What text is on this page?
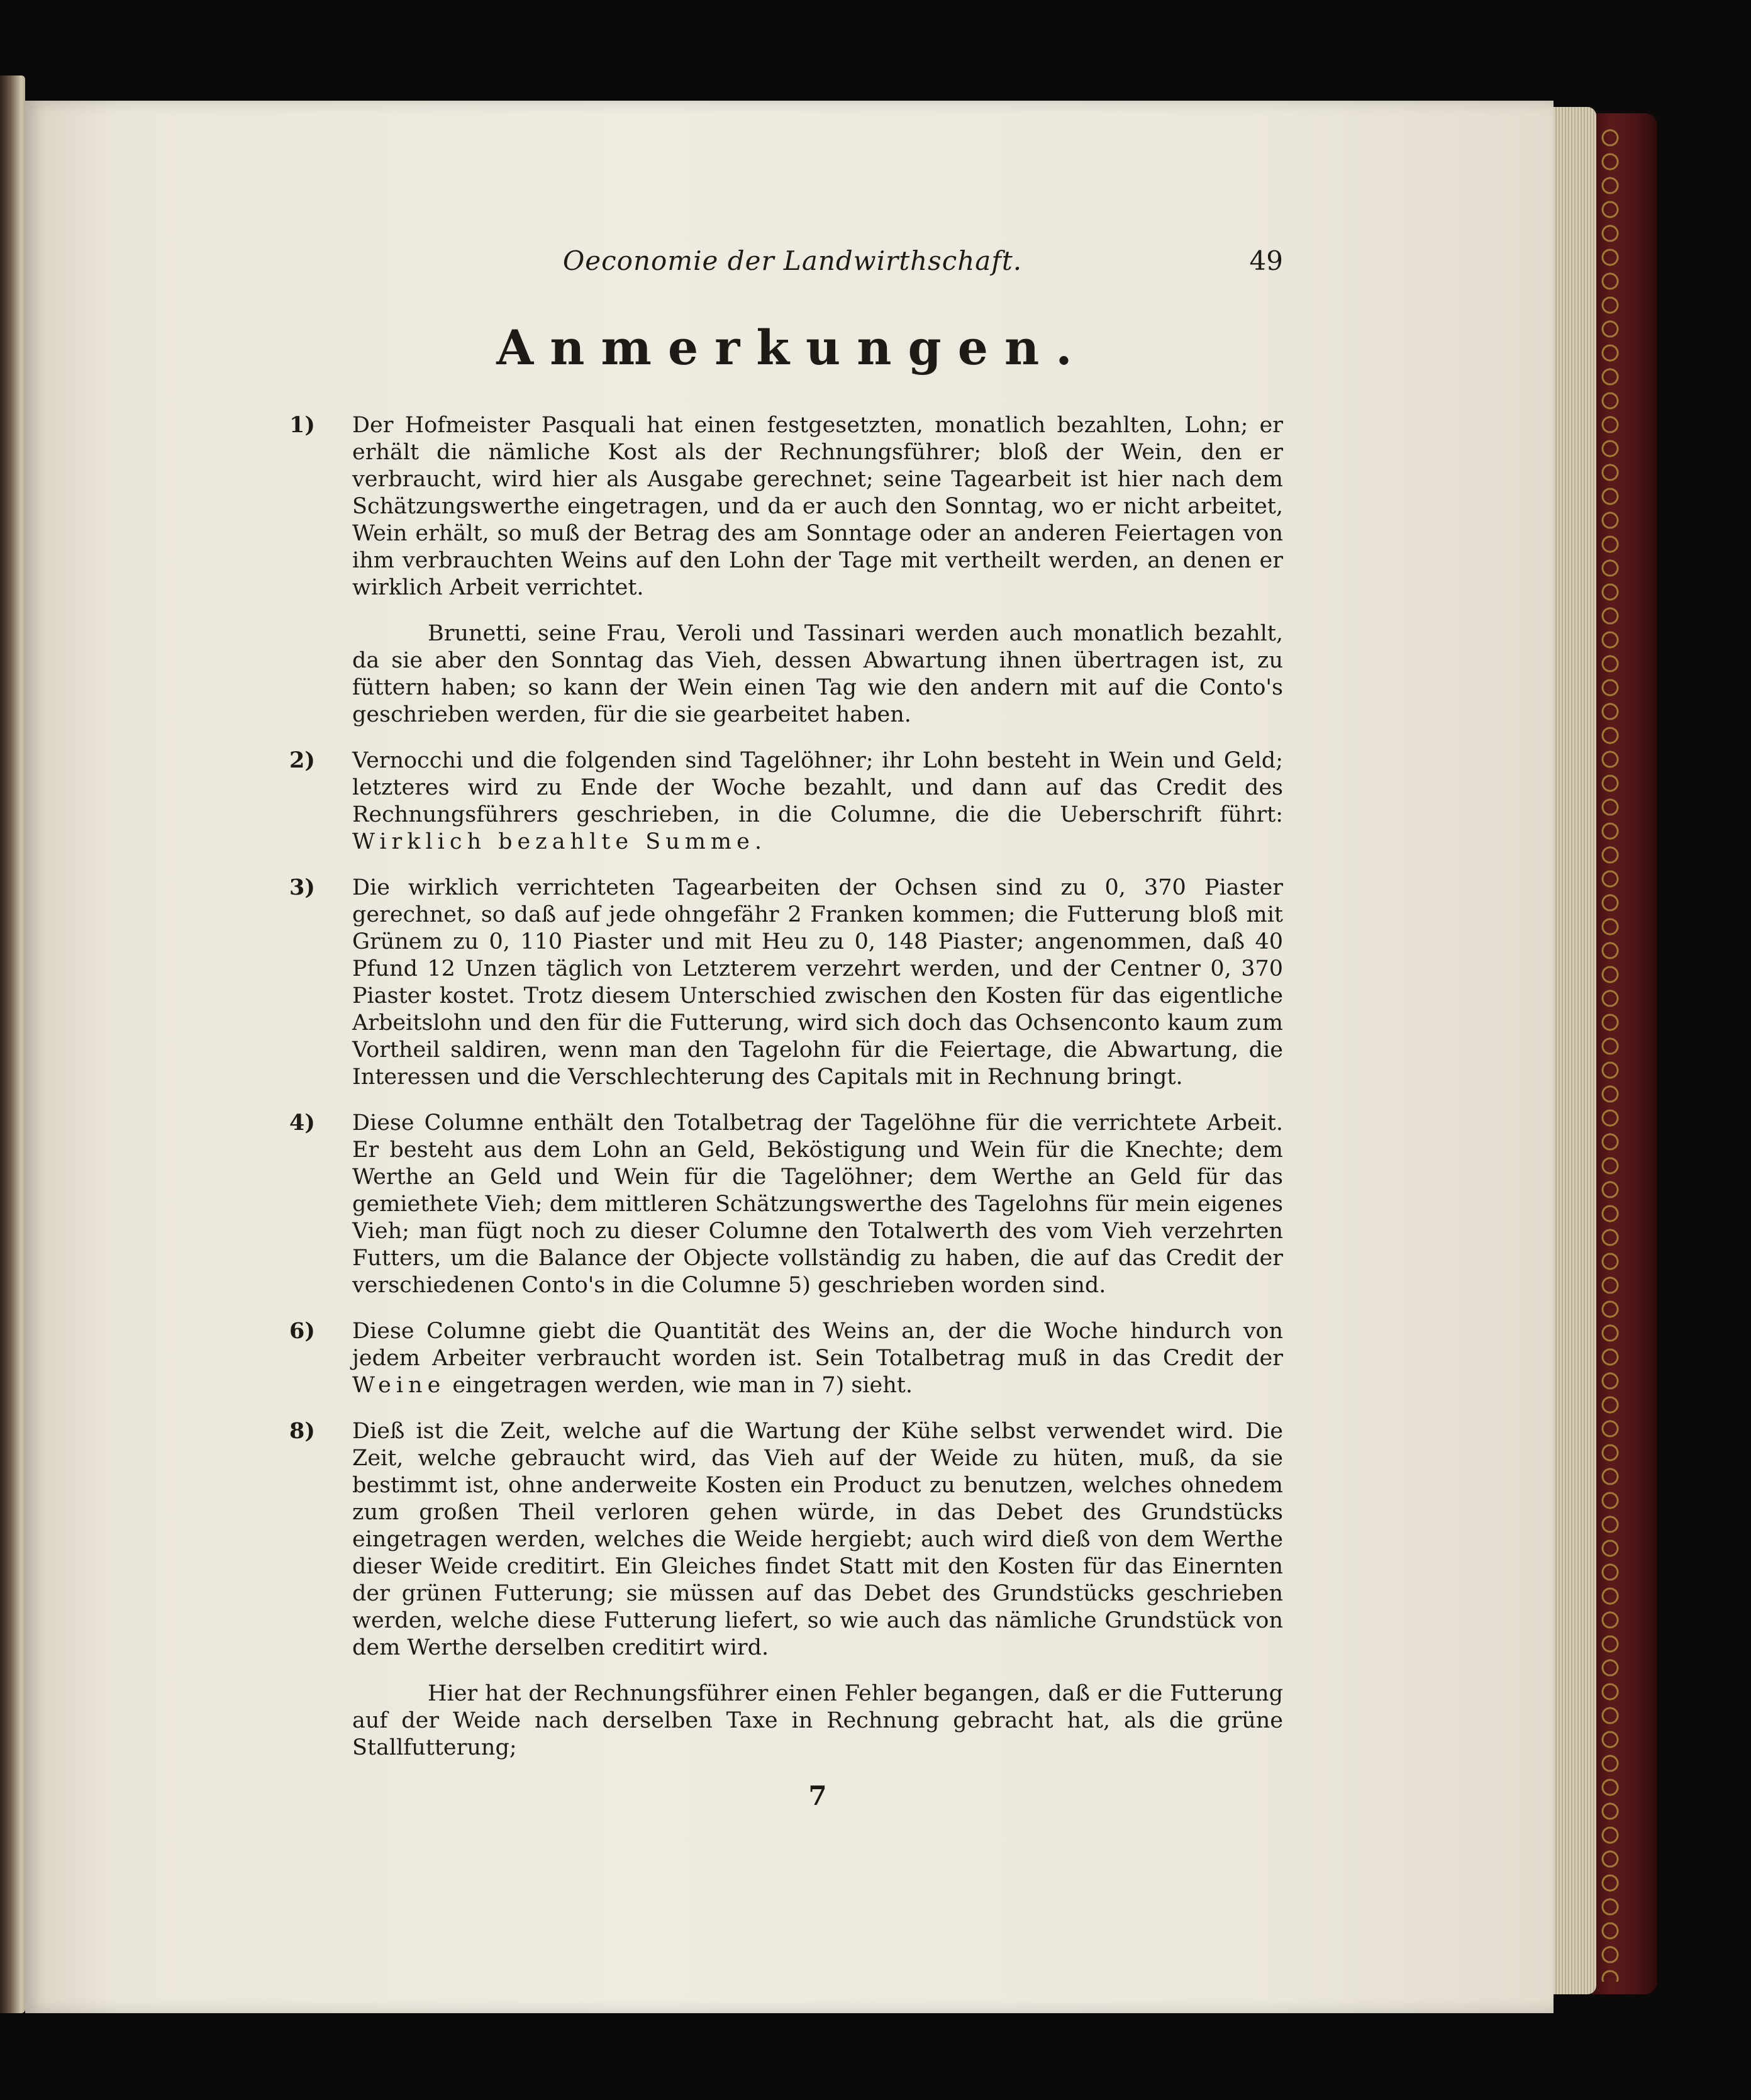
Oeconomie der Landwirthschaft.	49
Anmerkungen.
1) Der Hofmeister Pasquali hat einen festgesetzten, monatlich bezahlten, Lohn; er erhält die nämliche Kost als der Rechnungsführer; bloß der Wein, den er verbraucht, wird hier als Ausgabe gerechnet; seine Tagearbeit ist hier nach dem Schätzungswerthe eingetragen, und da er auch den Sonntag, wo er nicht arbeitet, Wein erhält, so muß der Betrag des am Sonntage oder an anderen Feiertagen von ihm verbrauchten Weins auf den Lohn der Tage mit vertheilt werden, an denen er wirklich Arbeit verrichtet.

Brunetti, seine Frau, Veroli und Tassinari werden auch monatlich bezahlt, da sie aber den Sonntag das Vieh, dessen Abwartung ihnen übertragen ist, zu füttern haben; so kann der Wein einen Tag wie den andern mit auf die Conto's geschrieben werden, für die sie gearbeitet haben.

2) Vernocchi und die folgenden sind Tagelöhner; ihr Lohn besteht in Wein und Geld; letzteres wird zu Ende der Woche bezahlt, und dann auf das Credit des Rechnungsführers geschrieben, in die Columne, die die Ueberschrift führt: Wirklich bezahlte Summe.

3) Die wirklich verrichteten Tagearbeiten der Ochsen sind zu 0, 370 Piaster gerechnet, so daß auf jede ohngefähr 2 Franken kommen; die Futterung bloß mit Grünem zu 0, 110 Piaster und mit Heu zu 0, 148 Piaster; angenommen, daß 40 Pfund 12 Unzen täglich von Letzterem verzehrt werden, und der Centner 0, 370 Piaster kostet. Trotz diesem Unterschied zwischen den Kosten für das eigentliche Arbeitslohn und den für die Futterung, wird sich doch das Ochsenconto kaum zum Vortheil saldiren, wenn man den Tagelohn für die Feiertage, die Abwartung, die Interessen und die Verschlechterung des Capitals mit in Rechnung bringt.

4) Diese Columne enthält den Totalbetrag der Tagelöhne für die verrichtete Arbeit. Er besteht aus dem Lohn an Geld, Beköstigung und Wein für die Knechte; dem Werthe an Geld und Wein für die Tagelöhner; dem Werthe an Geld für das gemiethete Vieh; dem mittleren Schätzungswerthe des Tagelohns für mein eigenes Vieh; man fügt noch zu dieser Columne den Totalwerth des vom Vieh verzehrten Futters, um die Balance der Objecte vollständig zu haben, die auf das Credit der verschiedenen Conto's in die Columne 5) geschrieben worden sind.

6) Diese Columne giebt die Quantität des Weins an, der die Woche hindurch von jedem Arbeiter verbraucht worden ist. Sein Totalbetrag muß in das Credit der Weine eingetragen werden, wie man in 7) sieht.

8) Dieß ist die Zeit, welche auf die Wartung der Kühe selbst verwendet wird. Die Zeit, welche gebraucht wird, das Vieh auf der Weide zu hüten, muß, da sie bestimmt ist, ohne anderweite Kosten ein Product zu benutzen, welches ohnedem zum großen Theil verloren gehen würde, in das Debet des Grundstücks eingetragen werden, welches die Weide hergiebt; auch wird dieß von dem Werthe dieser Weide creditirt. Ein Gleiches findet Statt mit den Kosten für das Einernten der grünen Futterung; sie müssen auf das Debet des Grundstücks geschrieben werden, welche diese Futterung liefert, so wie auch das nämliche Grundstück von dem Werthe derselben creditirt wird.

Hier hat der Rechnungsführer einen Fehler begangen, daß er die Futterung auf der Weide nach derselben Taxe in Rechnung gebracht hat, als die grüne Stallfutterung;

7
